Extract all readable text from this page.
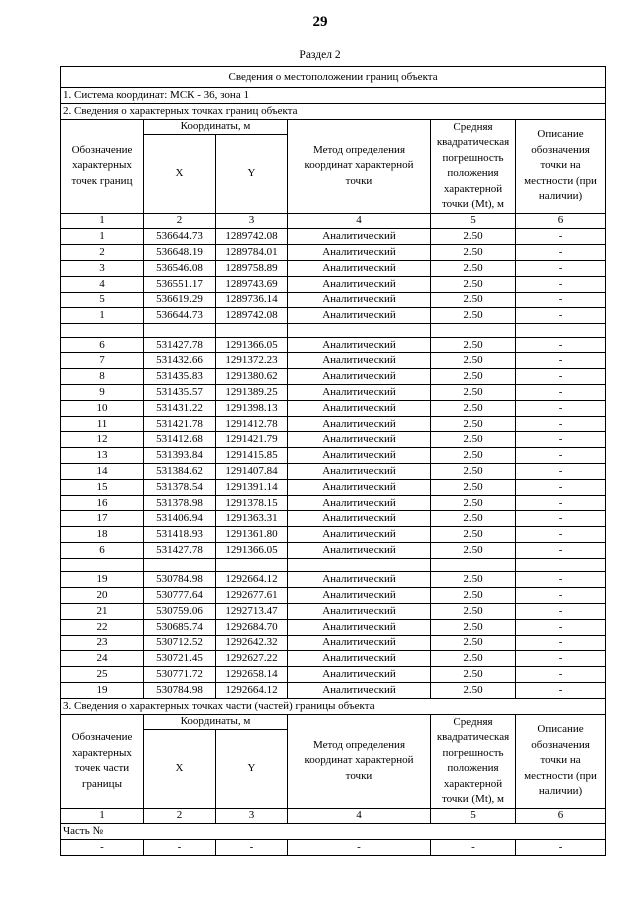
29
Раздел 2
Сведения о местоположении границ объекта					
1. Система координат: МСК - 36, зона 1					
2. Сведения о характерных точках границ объекта					
Обозначение характерных точек границ	Координаты, м		Метод определения координат характерной точки	Средняя квадратическая погрешность положения характерной точки (Mt), м	Описание обозначения точки на местности (при наличии)
	X	Y			
1	2	3	4	5	6
1	536644.73	1289742.08	Аналитический	2.50	-
2	536648.19	1289784.01	Аналитический	2.50	-
3	536546.08	1289758.89	Аналитический	2.50	-
4	536551.17	1289743.69	Аналитический	2.50	-
5	536619.29	1289736.14	Аналитический	2.50	-
1	536644.73	1289742.08	Аналитический	2.50	-

6	531427.78	1291366.05	Аналитический	2.50	-
7	531432.66	1291372.23	Аналитический	2.50	-
8	531435.83	1291380.62	Аналитический	2.50	-
9	531435.57	1291389.25	Аналитический	2.50	-
10	531431.22	1291398.13	Аналитический	2.50	-
11	531421.78	1291412.78	Аналитический	2.50	-
12	531412.68	1291421.79	Аналитический	2.50	-
13	531393.84	1291415.85	Аналитический	2.50	-
14	531384.62	1291407.84	Аналитический	2.50	-
15	531378.54	1291391.14	Аналитический	2.50	-
16	531378.98	1291378.15	Аналитический	2.50	-
17	531406.94	1291363.31	Аналитический	2.50	-
18	531418.93	1291361.80	Аналитический	2.50	-
6	531427.78	1291366.05	Аналитический	2.50	-

19	530784.98	1292664.12	Аналитический	2.50	-
20	530777.64	1292677.61	Аналитический	2.50	-
21	530759.06	1292713.47	Аналитический	2.50	-
22	530685.74	1292684.70	Аналитический	2.50	-
23	530712.52	1292642.32	Аналитический	2.50	-
24	530721.45	1292627.22	Аналитический	2.50	-
25	530771.72	1292658.14	Аналитический	2.50	-
19	530784.98	1292664.12	Аналитический	2.50	-
3. Сведения о характерных точках части (частей) границы объекта					
Обозначение характерных точек части границы	Координаты, м		Метод определения координат характерной точки	Средняя квадратическая погрешность положения характерной точки (Mt), м	Описание обозначения точки на местности (при наличии)
	X	Y			
1	2	3	4	5	6
Часть №					
-	-	-	-	-	-
